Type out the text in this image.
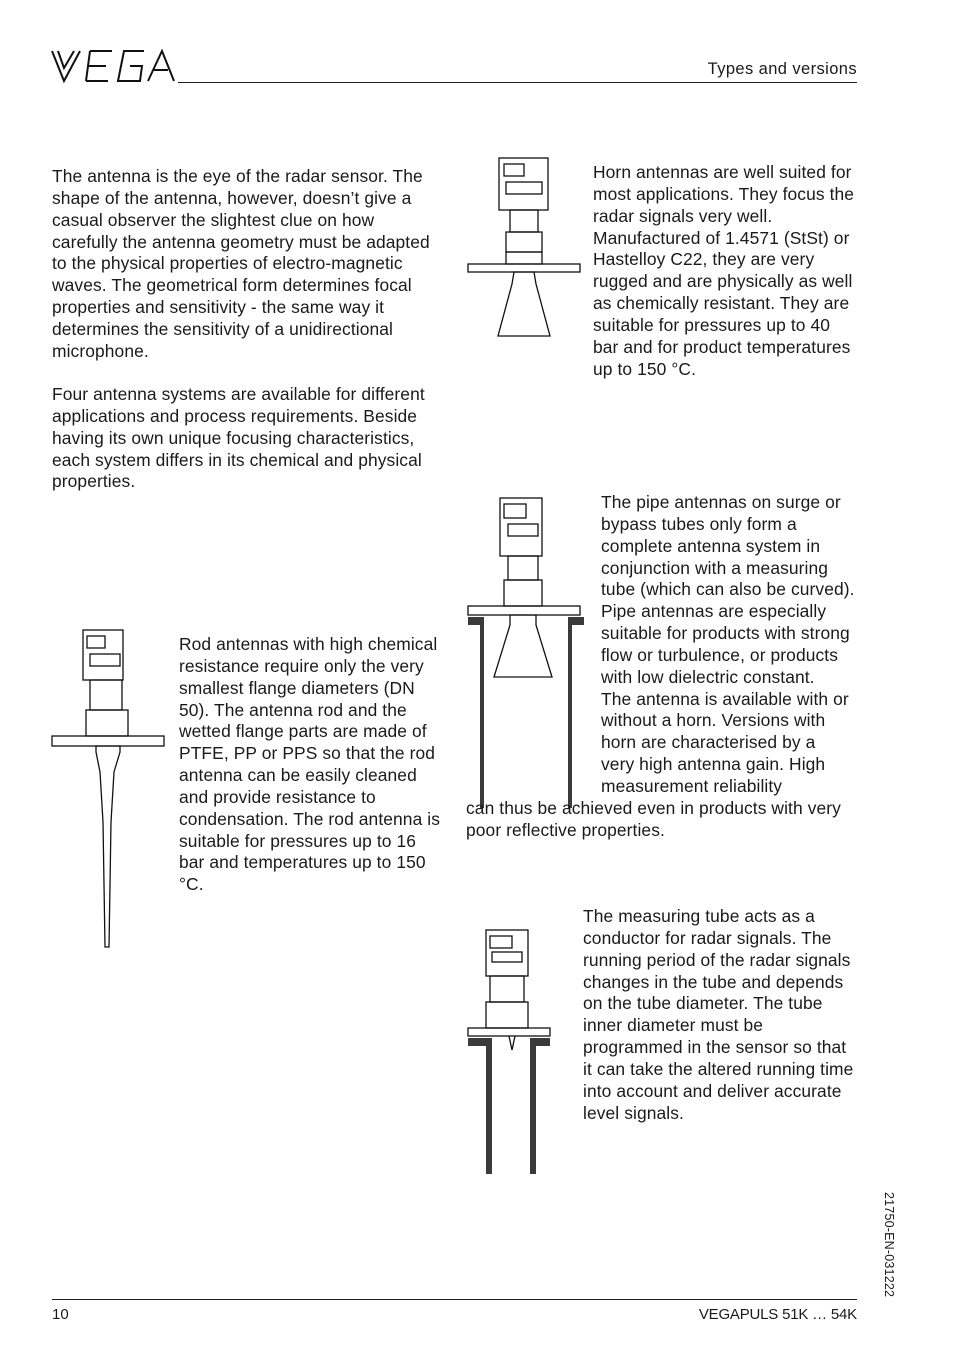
VEGA
Types and versions

The antenna is the eye of the radar sensor. The shape of the antenna, however, doesn’t give a casual observer the slightest clue on how carefully the antenna geometry must be adapted to the physical properties of electro-magnetic waves. The geometrical form determines focal properties and sensitivity - the same way it determines the sensitivity of a unidirectional microphone.

Four antenna systems are available for different applications and process requirements. Beside having its own unique focusing characteristics, each system differs in its chemical and physical properties.

Horn antennas are well suited for most applications. They focus the radar signals very well. Manufactured of 1.4571 (StSt) or Hastelloy C22, they are very rugged and are physically as well as chemically resistant. They are suitable for pressures up to 40 bar and for product temperatures up to 150 °C.

Rod antennas with high chemical resistance require only the very smallest flange diameters (DN 50). The antenna rod and the wetted flange parts are made of PTFE, PP or PPS so that the rod antenna can be easily cleaned and provide resistance to condensation. The rod antenna is suitable for pressures up to 16 bar and temperatures up to 150 °C.

The pipe antennas on surge or bypass tubes only form a complete antenna system in conjunction with a measuring tube (which can also be curved). Pipe antennas are especially suitable for products with strong flow or turbulence, or products with low dielectric constant.

The antenna is available with or without a horn. Versions with horn are characterised by a very high antenna gain. High measurement reliability

can thus be achieved even in products with very poor reflective properties.

The measuring tube acts as a conductor for radar signals. The running period of the radar signals changes in the tube and depends on the tube diameter. The tube inner diameter must be programmed in the sensor so that it can take the altered running time into account and deliver accurate level signals.

21750-EN-031222
10	VEGAPULS 51K … 54K
